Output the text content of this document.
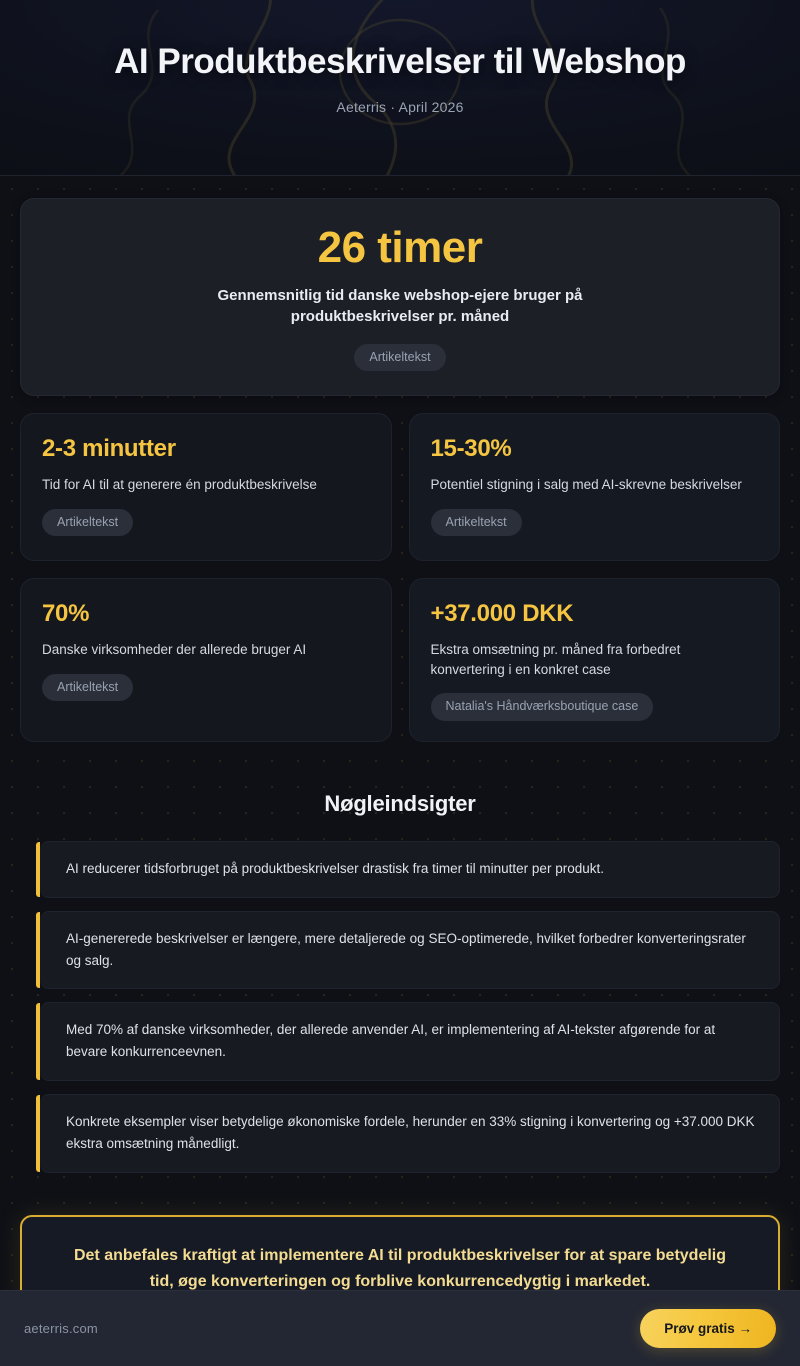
AI Produktbeskrivelser til Webshop
Aeterris · April 2026
26 timer
Gennemsnitlig tid danske webshop-ejere bruger på produktbeskrivelser pr. måned
Artikeltekst
2-3 minutter
Tid for AI til at generere én produktbeskrivelse
Artikeltekst
15-30%
Potentiel stigning i salg med AI-skrevne beskrivelser
Artikeltekst
70%
Danske virksomheder der allerede bruger AI
Artikeltekst
+37.000 DKK
Ekstra omsætning pr. måned fra forbedret konvertering i en konkret case
Natalia's Håndværksboutique case
Nøgleindsigter
AI reducerer tidsforbruget på produktbeskrivelser drastisk fra timer til minutter per produkt.
AI-genererede beskrivelser er længere, mere detaljerede og SEO-optimerede, hvilket forbedrer konverteringsrater og salg.
Med 70% af danske virksomheder, der allerede anvender AI, er implementering af AI-tekster afgørende for at bevare konkurrenceevnen.
Konkrete eksempler viser betydelige økonomiske fordele, herunder en 33% stigning i konvertering og +37.000 DKK ekstra omsætning månedligt.
Det anbefales kraftigt at implementere AI til produktbeskrivelser for at spare betydelig tid, øge konverteringen og forblive konkurrencedygtig i markedet.
aeterris.com	Prøv gratis →
